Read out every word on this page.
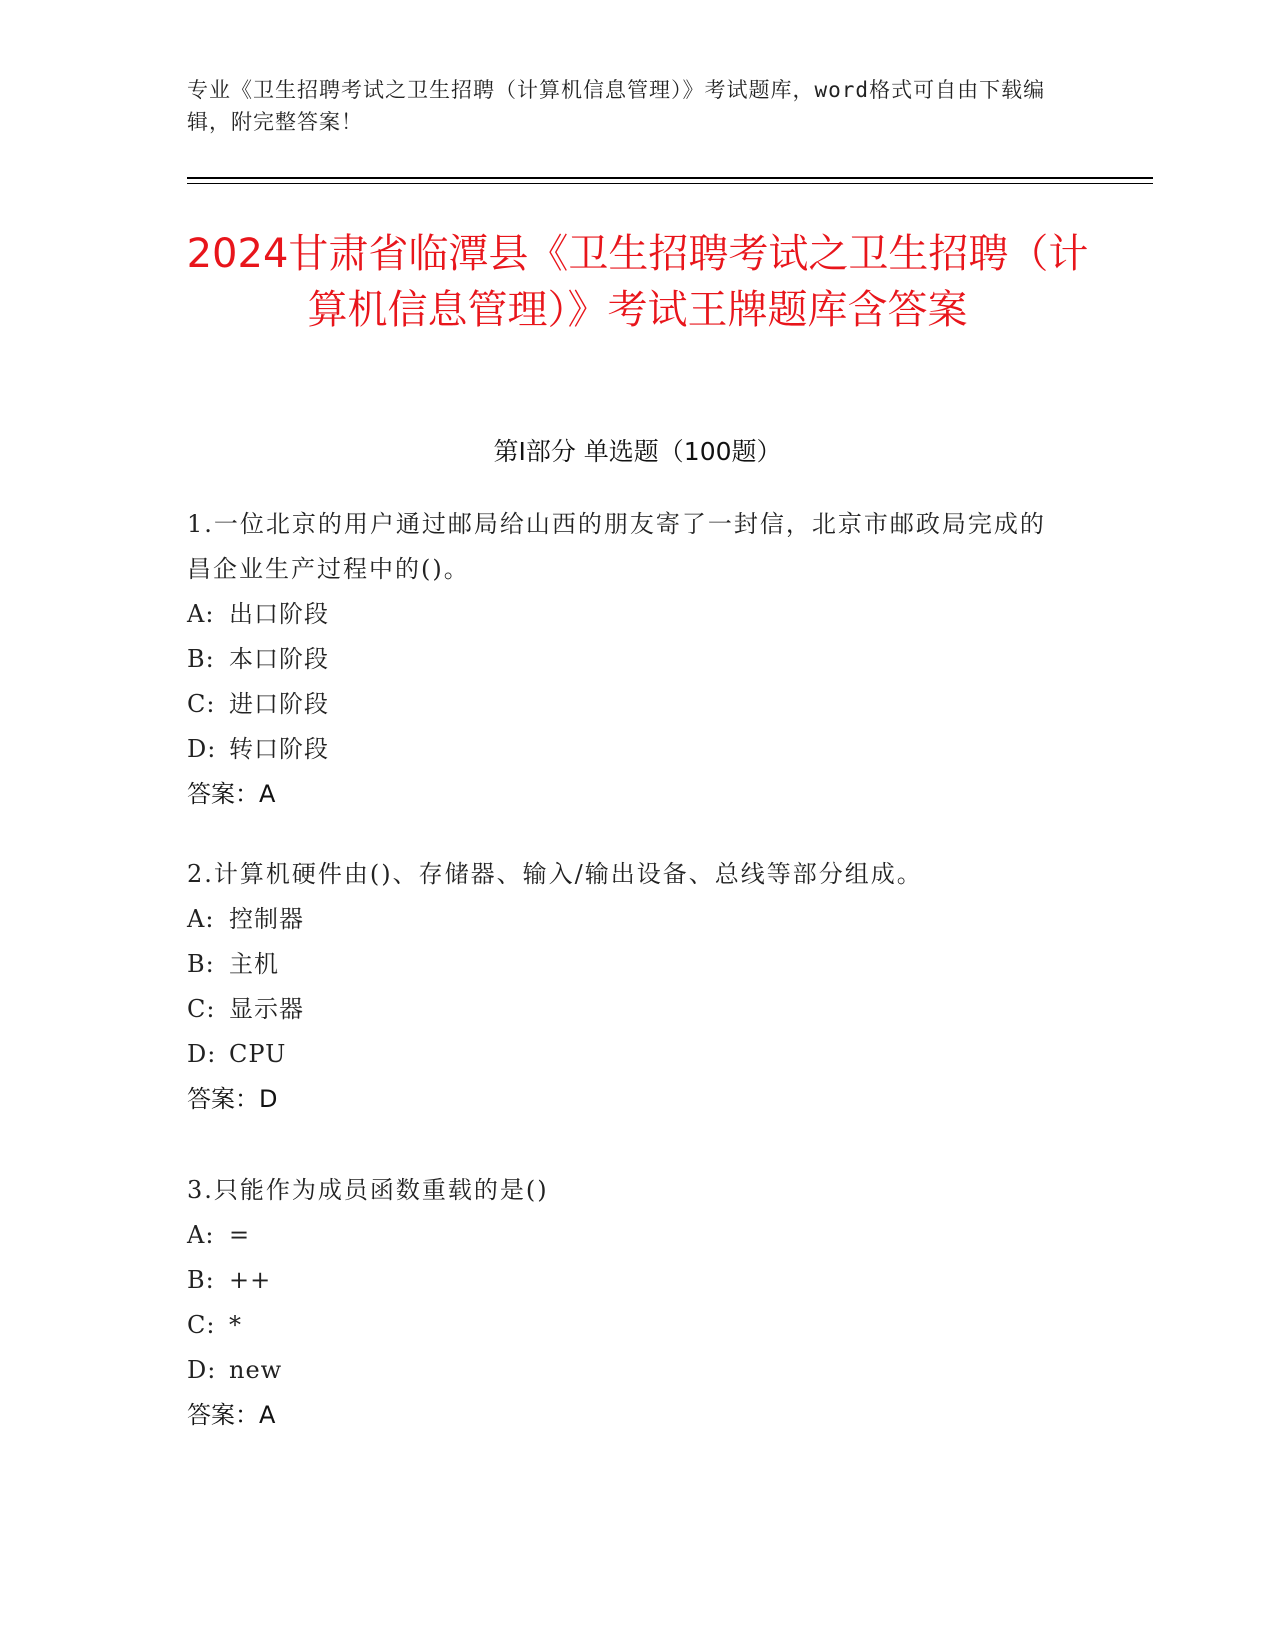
专业《卫生招聘考试之卫生招聘（计算机信息管理）》考试题库，word格式可自由下载编辑，附完整答案！
2024甘肃省临潭县《卫生招聘考试之卫生招聘（计算机信息管理）》考试王牌题库含答案
第I部分 单选题（100题）
1.一位北京的用户通过邮局给山西的朋友寄了一封信，北京市邮政局完成的昌企业生产过程中的()。
A: 出口阶段
B: 本口阶段
C: 进口阶段
D: 转口阶段
答案：A
2.计算机硬件由()、存储器、输入/输出设备、总线等部分组成。
A: 控制器
B: 主机
C: 显示器
D: CPU
答案：D
3.只能作为成员函数重载的是()
A: =
B: ++
C: *
D: new
答案：A
